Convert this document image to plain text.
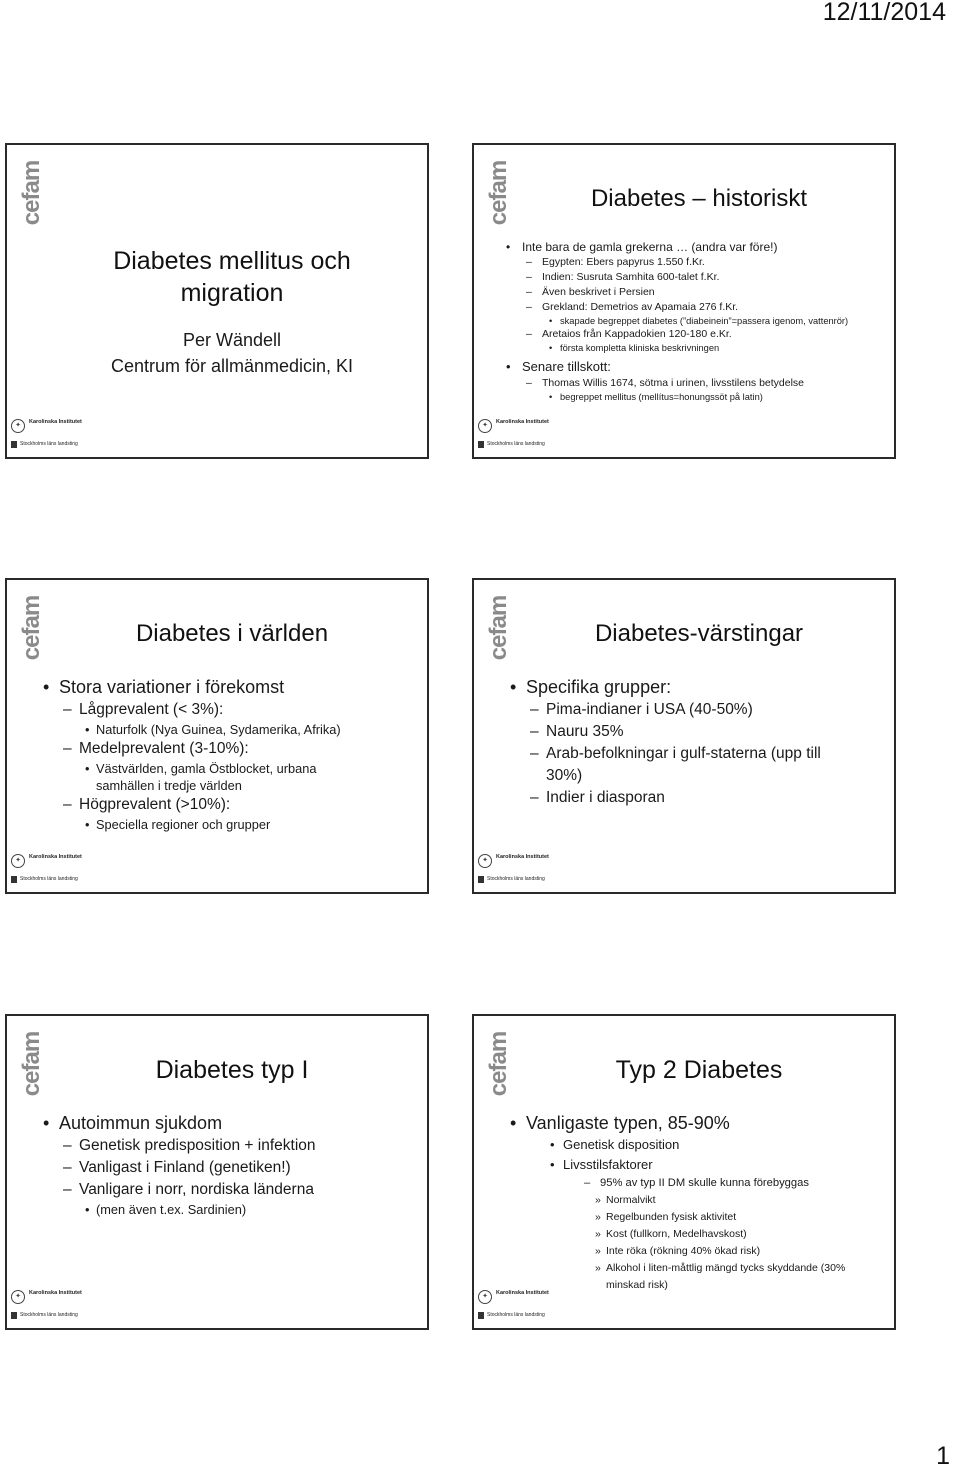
12/11/2014
cefam
Diabetes mellitus och
migration
Per Wändell
Centrum för allmänmedicin, KI
✦	Karolinska Institutet
Stockholms läns landsting
cefam	Diabetes – historiskt
• Inte bara de gamla grekerna … (andra var före!)
– Egypten: Ebers papyrus 1.550 f.Kr.
– Indien: Susruta Samhita 600-talet f.Kr.
– Även beskrivet i Persien
– Grekland: Demetrios av Apamaia 276 f.Kr.
• skapade begreppet diabetes (”diabeinein”=passera igenom, vattenrör)
– Aretaios från Kappadokien 120-180 e.Kr.
• första kompletta kliniska beskrivningen
• Senare tillskott:
– Thomas Willis 1674, sötma i urinen, livsstilens betydelse
• begreppet mellitus (mellítus=honungssöt på latin)
✦	Karolinska Institutet
Stockholms läns landsting
cefam	Diabetes i världen
• Stora variationer i förekomst
– Lågprevalent (< 3%):
• Naturfolk (Nya Guinea, Sydamerika, Afrika)
– Medelprevalent (3-10%):
• Västvärlden, gamla Östblocket, urbana samhällen i tredje världen
– Högprevalent (>10%):
• Speciella regioner och grupper
✦	Karolinska Institutet
Stockholms läns landsting
cefam	Diabetes-värstingar
• Specifika grupper:
– Pima-indianer i USA (40-50%)
– Nauru 35%
– Arab-befolkningar i gulf-staterna (upp till 30%)
– Indier i diasporan
✦	Karolinska Institutet
Stockholms läns landsting
cefam	Diabetes typ I
• Autoimmun sjukdom
– Genetisk predisposition + infektion
– Vanligast i Finland (genetiken!)
– Vanligare i norr, nordiska länderna
• (men även t.ex. Sardinien)
✦	Karolinska Institutet
Stockholms läns landsting
cefam	Typ 2 Diabetes
• Vanligaste typen, 85-90%
• Genetisk disposition
• Livsstilsfaktorer
– 95% av typ II DM skulle kunna förebyggas
» Normalvikt
» Regelbunden fysisk aktivitet
» Kost (fullkorn, Medelhavskost)
» Inte röka (rökning 40% ökad risk)
» Alkohol i liten-måttlig mängd tycks skyddande (30% minskad risk)
✦	Karolinska Institutet
Stockholms läns landsting
1
